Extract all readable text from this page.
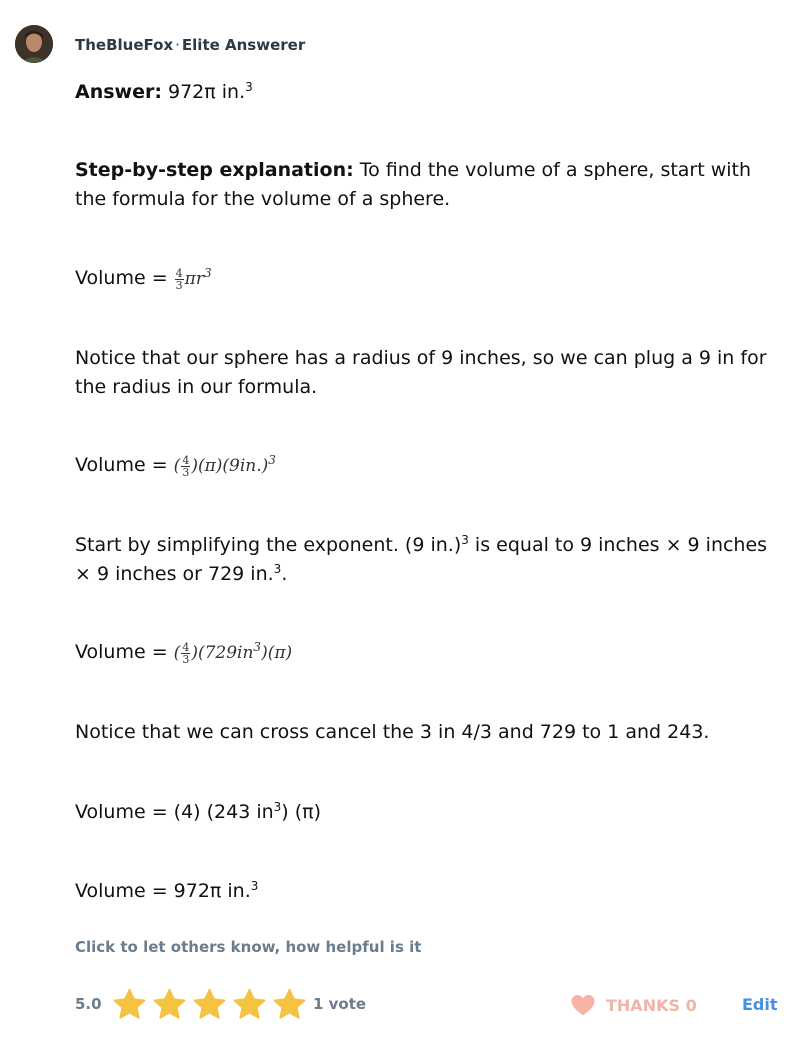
TheBlueFox · Elite Answerer
Answer: 972π in.$^3$
Step-by-step explanation: To find the volume of a sphere, start with the formula for the volume of a sphere.
Volume = $\frac{4}{3} \pi r^3$
Notice that our sphere has a radius of 9 inches, so we can plug a 9 in for the radius in our formula.
Volume = ( $\frac{4}{3} )(\pi)(9in.)^3$
Start by simplifying the exponent. (9 in.)$^3$ is equal to 9 inches × 9 inches × 9 inches or 729 in.$^3$.
Volume = ( $\frac{4}{3} )(729in^3)(\pi)$
Notice that we can cross cancel the 3 in 4/3 and 729 to 1 and 243.
Volume = (4) (243 $in^3$) (π)
Volume = 972π in.$^3$
Click to let others know, how helpful is it
5.0	1 vote	THANKS 0	Edit
